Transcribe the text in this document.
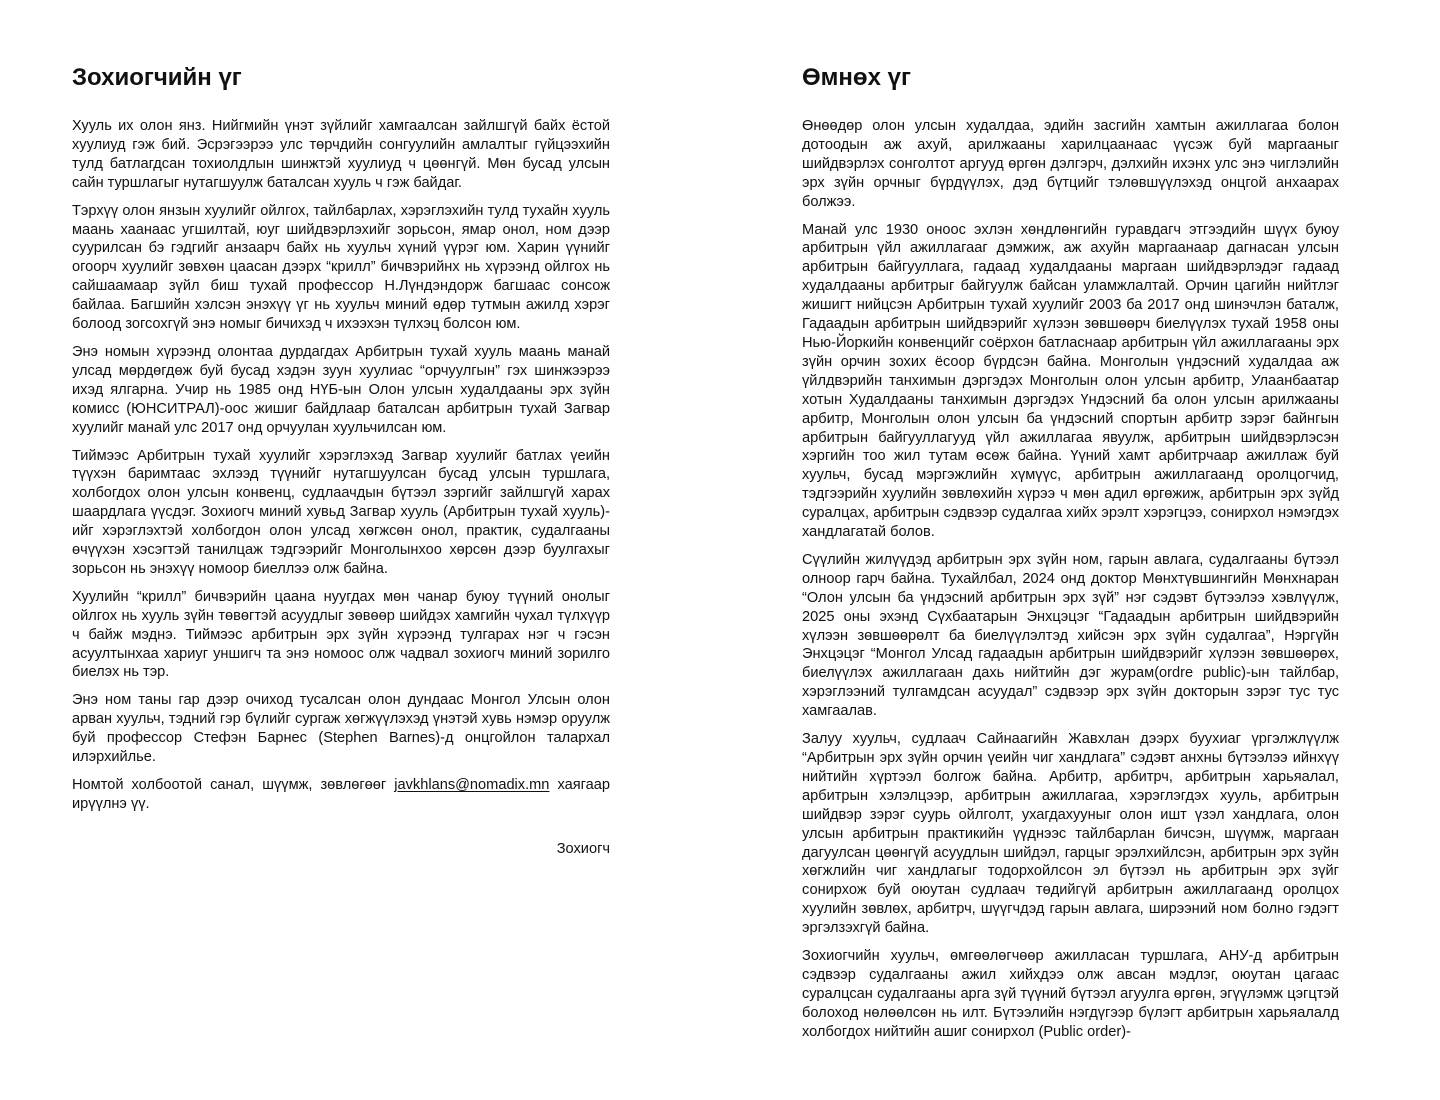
Зохиогчийн үг

Хууль их олон янз. Нийгмийн үнэт зүйлийг хамгаалсан зайлшгүй байх ёстой хуулиуд гэж бий. Эсрэгээрээ улс төрчдийн сонгуулийн амлалтыг гүйцээхийн тулд батлагдсан тохиолдлын шинжтэй хуулиуд ч цөөнгүй. Мөн бусад улсын сайн туршлагыг нутагшуулж баталсан хууль ч гэж байдаг.

Тэрхүү олон янзын хуулийг ойлгох, тайлбарлах, хэрэглэхийн тулд тухайн хууль маань хаанаас угшилтай, юуг шийдвэрлэхийг зорьсон, ямар онол, ном дээр суурилсан бэ гэдгийг анзаарч байх нь хуульч хүний үүрэг юм. Харин үүнийг огоорч хуулийг зөвхөн цаасан дээрх “крилл” бичвэрийнх нь хүрээнд ойлгох нь сайшаамаар зүйл биш тухай профессор Н.Лүндэндорж багшаас сонсож байлаа. Багшийн хэлсэн энэхүү үг нь хуульч миний өдөр тутмын ажилд хэрэг болоод зогсохгүй энэ номыг бичихэд ч ихээхэн түлхэц болсон юм.

Энэ номын хүрээнд олонтаа дурдагдах Арбитрын тухай хууль маань манай улсад мөрдөгдөж буй бусад хэдэн зуун хуулиас “орчуулгын” гэх шинжээрээ ихэд ялгарна. Учир нь 1985 онд НҮБ-ын Олон улсын худалдааны эрх зүйн комисс (ЮНСИТРАЛ)-оос жишиг байдлаар баталсан арбитрын тухай Загвар хуулийг манай улс 2017 онд орчуулан хуульчилсан юм.

Тиймээс Арбитрын тухай хуулийг хэрэглэхэд Загвар хуулийг батлах үеийн түүхэн баримтаас эхлээд түүнийг нутагшуулсан бусад улсын туршлага, холбогдох олон улсын конвенц, судлаачдын бүтээл зэргийг зайлшгүй харах шаардлага үүсдэг. Зохиогч миний хувьд Загвар хууль (Арбитрын тухай хууль)-ийг хэрэглэхтэй холбогдон олон улсад хөгжсөн онол, практик, судалгааны өчүүхэн хэсэгтэй танилцаж тэдгээрийг Монголынхоо хөрсөн дээр буулгахыг зорьсон нь энэхүү номоор биеллээ олж байна.

Хуулийн “крилл” бичвэрийн цаана нуугдах мөн чанар буюу түүний онолыг ойлгох нь хууль зүйн төвөгтэй асуудлыг зөвөөр шийдэх хамгийн чухал түлхүүр ч байж мэднэ. Тиймээс арбитрын эрх зүйн хүрээнд тулгарах нэг ч гэсэн асуултынхаа хариуг уншигч та энэ номоос олж чадвал зохиогч миний зорилго биелэх нь тэр.

Энэ ном таны гар дээр очиход тусалсан олон дундаас Монгол Улсын олон арван хуульч, тэдний гэр бүлийг сургаж хөгжүүлэхэд үнэтэй хувь нэмэр оруулж буй профессор Стефэн Барнес (Stephen Barnes)-д онцгойлон талархал илэрхийлье.

Номтой холбоотой санал, шүүмж, зөвлөгөөг javkhlans@nomadix.mn хаягаар ирүүлнэ үү.

Зохиогч

Өмнөх үг

Өнөөдөр олон улсын худалдаа, эдийн засгийн хамтын ажиллагаа болон дотоодын аж ахуй, арилжааны харилцаанаас үүсэж буй маргааныг шийдвэрлэх сонголтот аргууд өргөн дэлгэрч, дэлхийн ихэнх улс энэ чиглэлийн эрх зүйн орчныг бүрдүүлэх, дэд бүтцийг тэлөвшүүлэхэд онцгой анхаарах болжээ.

Манай улс 1930 оноос эхлэн хөндлөнгийн гуравдагч этгээдийн шүүх буюу арбитрын үйл ажиллагааг дэмжиж, аж ахуйн маргаанаар дагнасан улсын арбитрын байгууллага, гадаад худалдааны маргаан шийдвэрлэдэг гадаад худалдааны арбитрыг байгуулж байсан уламжлалтай. Орчин цагийн нийтлэг жишигт нийцсэн Арбитрын тухай хуулийг 2003 ба 2017 онд шинэчлэн баталж, Гадаадын арбитрын шийдвэрийг хүлээн зөвшөөрч биелүүлэх тухай 1958 оны Нью-Йоркийн конвенцийг соёрхон батласнаар арбитрын үйл ажиллагааны эрх зүйн орчин зохих ёсоор бүрдсэн байна. Монголын үндэсний худалдаа аж үйлдвэрийн танхимын дэргэдэх Монголын олон улсын арбитр, Улаанбаатар хотын Худалдааны танхимын дэргэдэх Үндэсний ба олон улсын арилжааны арбитр, Монголын олон улсын ба үндэсний спортын арбитр зэрэг байнгын арбитрын байгууллагууд үйл ажиллагаа явуулж, арбитрын шийдвэрлэсэн хэргийн тоо жил тутам өсөж байна. Үүний хамт арбитрчаар ажиллаж буй хуульч, бусад мэргэжлийн хүмүүс, арбитрын ажиллагаанд оролцогчид, тэдгээрийн хуулийн зөвлөхийн хүрээ ч мөн адил өргөжиж, арбитрын эрх зүйд суралцах, арбитрын сэдвээр судалгаа хийх эрэлт хэрэгцээ, сонирхол нэмэгдэх хандлагатай болов.

Сүүлийн жилүүдэд арбитрын эрх зүйн ном, гарын авлага, судалгааны бүтээл олноор гарч байна. Тухайлбал, 2024 онд доктор Мөнхтүвшингийн Мөнхнаран “Олон улсын ба үндэсний арбитрын эрх зүй” нэг сэдэвт бүтээлээ хэвлүүлж, 2025 оны эхэнд Сүхбаатарын Энхцэцэг “Гадаадын арбитрын шийдвэрийн хүлээн зөвшөөрөлт ба биелүүлэлтэд хийсэн эрх зүйн судалгаа”, Нэргүйн Энхцэцэг “Монгол Улсад гадаадын арбитрын шийдвэрийг хүлээн зөвшөөрөх, биелүүлэх ажиллагаан дахь нийтийн дэг журам(ordre public)-ын тайлбар, хэрэглээний тулгамдсан асуудал” сэдвээр эрх зүйн докторын зэрэг тус тус хамгаалав.

Залуу хуульч, судлаач Сайнаагийн Жавхлан дээрх буухиаг үргэлжлүүлж “Арбитрын эрх зүйн орчин үеийн чиг хандлага” сэдэвт анхны бүтээлээ ийнхүү нийтийн хүртээл болгож байна. Арбитр, арбитрч, арбитрын харьяалал, арбитрын хэлэлцээр, арбитрын ажиллагаа, хэрэглэгдэх хууль, арбитрын шийдвэр зэрэг суурь ойлголт, ухагдахууныг олон ишт үзэл хандлага, олон улсын арбитрын практикийн үүднээс тайлбарлан бичсэн, шүүмж, маргаан дагуулсан цөөнгүй асуудлын шийдэл, гарцыг эрэлхийлсэн, арбитрын эрх зүйн хөгжлийн чиг хандлагыг тодорхойлсон эл бүтээл нь арбитрын эрх зүйг сонирхож буй оюутан судлаач төдийгүй арбитрын ажиллагаанд оролцох хуулийн зөвлөх, арбитрч, шүүгчдэд гарын авлага, ширээний ном болно гэдэгт эргэлзэхгүй байна.

Зохиогчийн хуульч, өмгөөлөгчөөр ажилласан туршлага, АНУ-д арбитрын сэдвээр судалгааны ажил хийхдээ олж авсан мэдлэг, оюутан цагаас суралцсан судалгааны арга зүй түүний бүтээл агуулга өргөн, эгүүлэмж цэгцтэй болоход нөлөөлсөн нь илт. Бүтээлийн нэгдүгээр бүлэгт арбитрын харьяалалд холбогдох нийтийн ашиг сонирхол (Public order)-
